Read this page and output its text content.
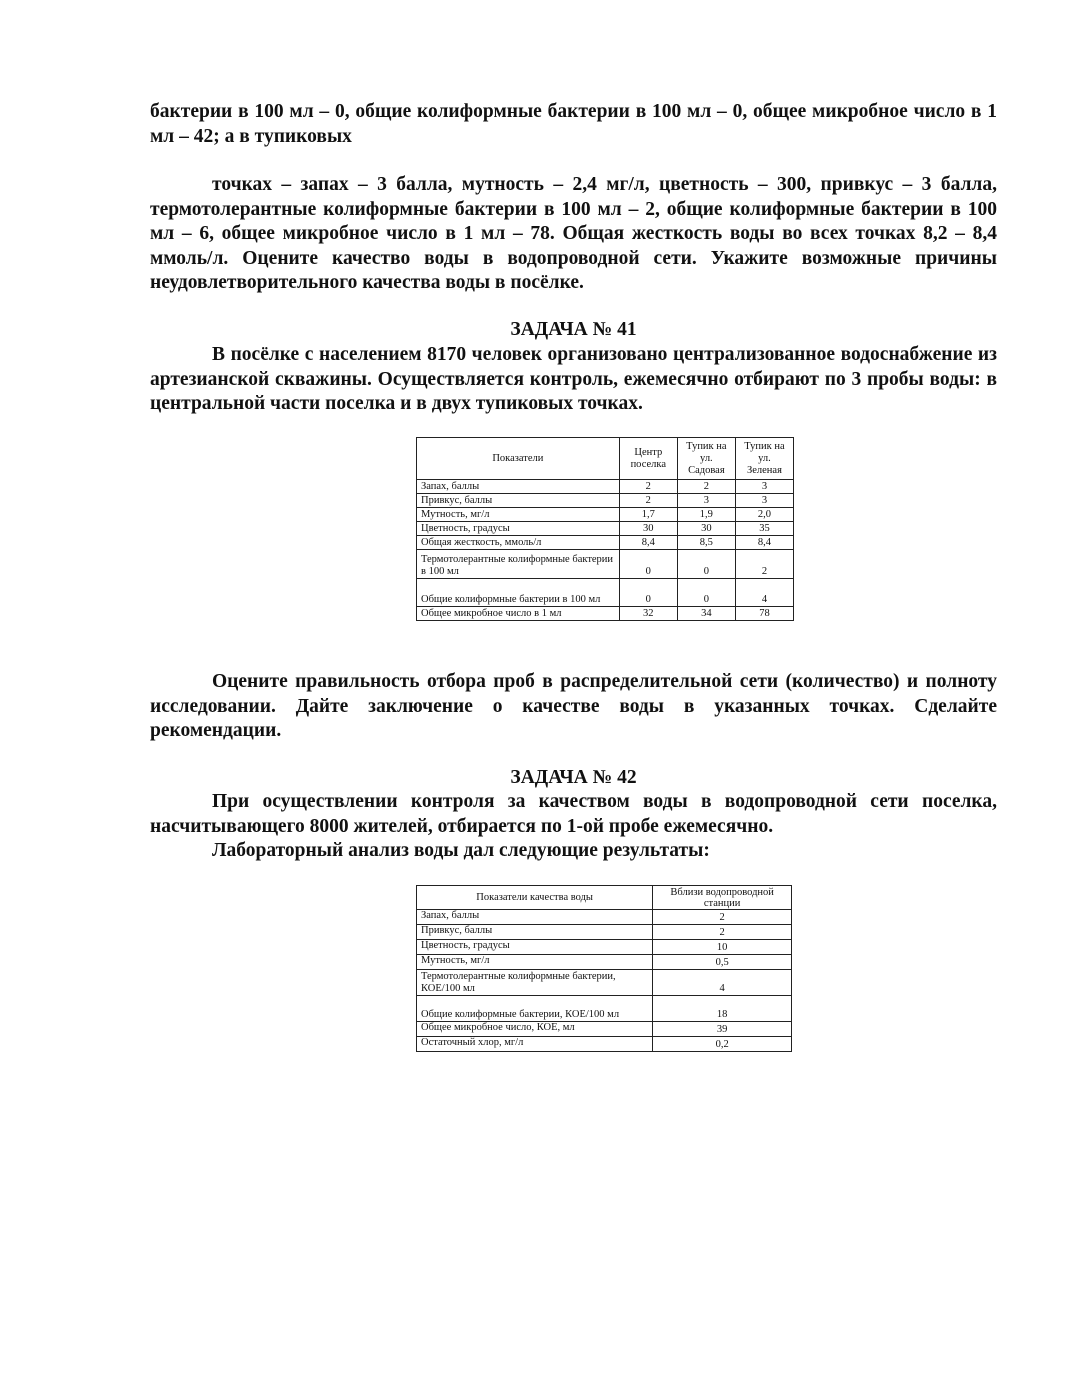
бактерии в 100 мл – 0, общие колиформные бактерии в 100 мл – 0, общее микробное число в 1 мл – 42; а в тупиковых

точках – запах – 3 балла, мутность – 2,4 мг/л, цветность – 300, привкус – 3 балла, термотолерантные колиформные бактерии в 100 мл – 2, общие колиформные бактерии в 100 мл – 6, общее микробное число в 1 мл – 78. Общая жесткость воды во всех точках 8,2 – 8,4 ммоль/л. Оцените качество воды в водопроводной сети. Укажите возможные причины неудовлетворительного качества воды в посёлке.

ЗАДАЧА № 41

В посёлке с населением 8170 человек организовано централизованное водоснабжение из артезианской скважины. Осуществляется контроль, ежемесячно отбирают по 3 пробы воды: в центральной части поселка и в двух тупиковых точках.

Показатели	Центр поселка	Тупик на ул. Садовая	Тупик на ул. Зеленая
Запах, баллы	2	2	3
Привкус, баллы	2	3	3
Мутность, мг/л	1,7	1,9	2,0
Цветность, градусы	30	30	35
Общая жесткость, ммоль/л	8,4	8,5	8,4
Термотолерантные колиформные бактерии в 100 мл	0	0	2
Общие колиформные бактерии в 100 мл	0	0	4
Общее микробное число в 1 мл	32	34	78

Оцените правильность отбора проб в распределительной сети (количество) и полноту исследовании. Дайте заключение о качестве воды в указанных точках. Сделайте рекомендации.

ЗАДАЧА № 42

При осуществлении контроля за качеством воды в водопроводной сети поселка, насчитывающего 8000 жителей, отбирается по 1-ой пробе ежемесячно.

Лабораторный анализ воды дал следующие результаты:

Показатели качества воды	Вблизи водопроводной станции
Запах, баллы	2
Привкус, баллы	2
Цветность, градусы	10
Мутность, мг/л	0,5
Термотолерантные колиформные бактерии, КОЕ/100 мл	4
Общие колиформные бактерии, КОЕ/100 мл	18
Общее микробное число, КОЕ, мл	39
Остаточный хлор, мг/л	0,2
